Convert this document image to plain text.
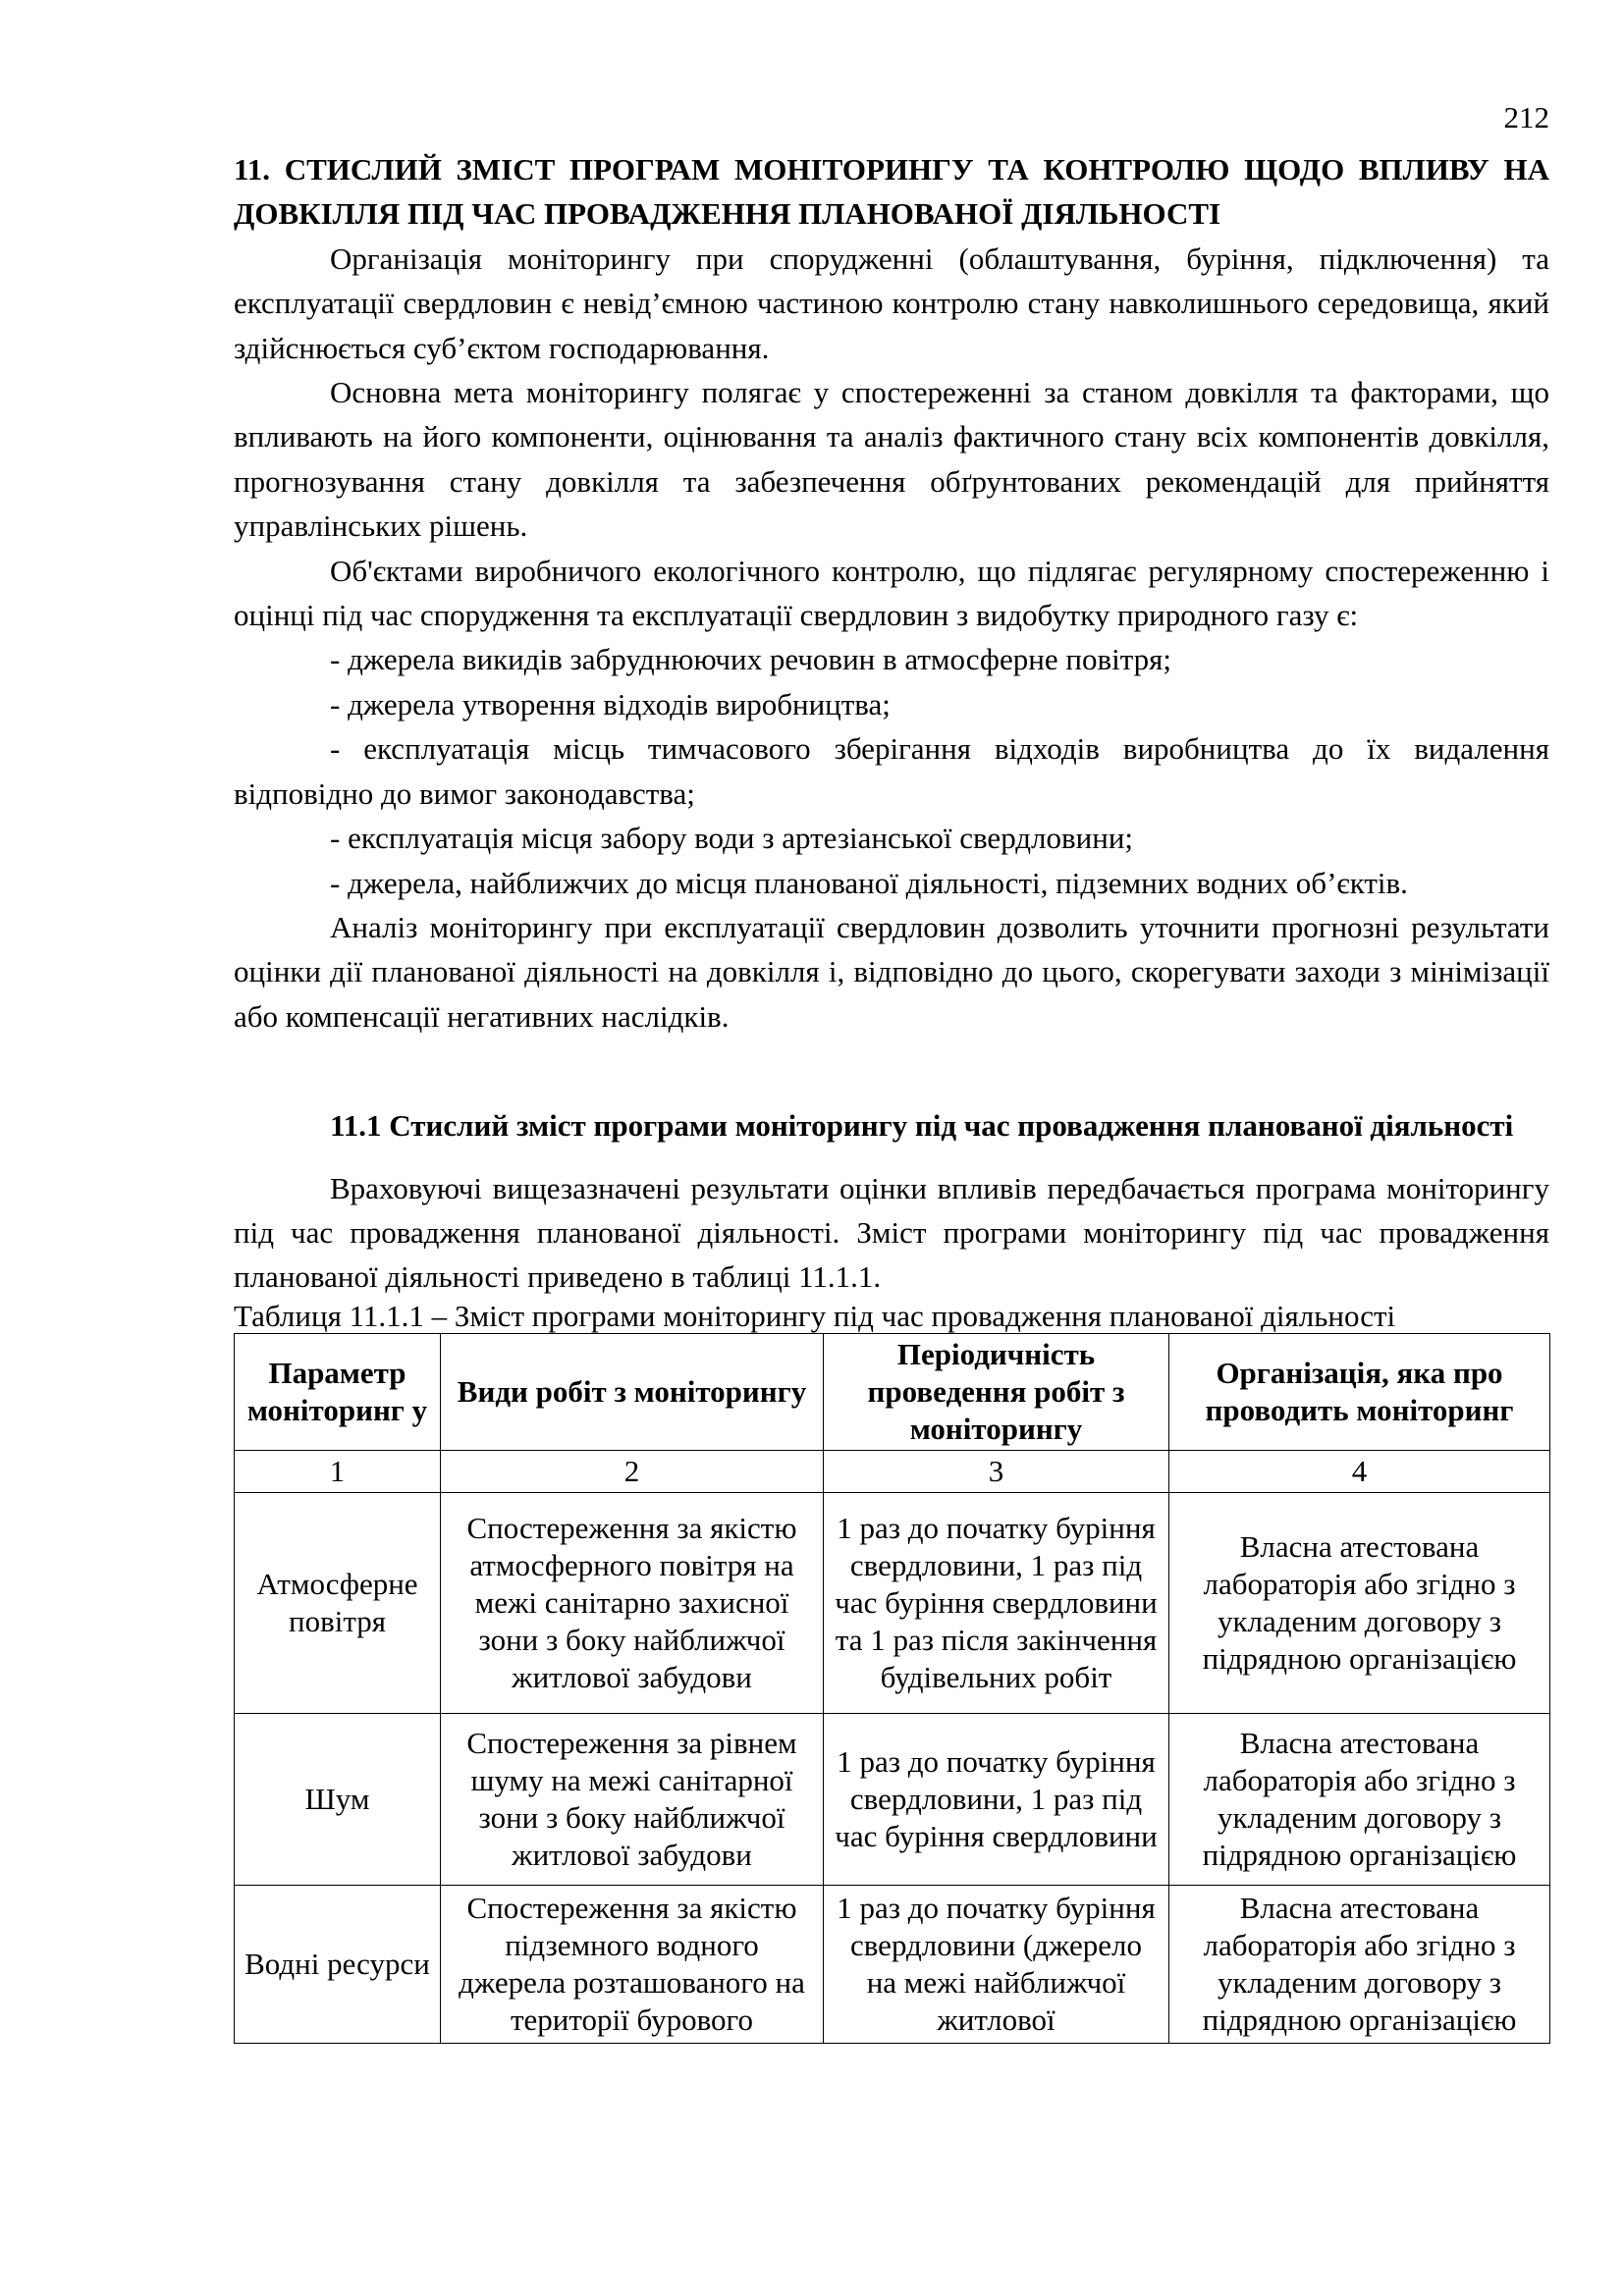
212

11. СТИСЛИЙ ЗМІСТ ПРОГРАМ МОНІТОРИНГУ ТА КОНТРОЛЮ ЩОДО ВПЛИВУ НА ДОВКІЛЛЯ ПІД ЧАС ПРОВАДЖЕННЯ ПЛАНОВАНОЇ ДІЯЛЬНОСТІ

Організація моніторингу при спорудженні (облаштування, буріння, підключення) та експлуатації свердловин є невід’ємною частиною контролю стану навколишнього середовища, який здійснюється суб’єктом господарювання.

Основна мета моніторингу полягає у спостереженні за станом довкілля та факторами, що впливають на його компоненти, оцінювання та аналіз фактичного стану всіх компонентів довкілля, прогнозування стану довкілля та забезпечення обґрунтованих рекомендацій для прийняття управлінських рішень.

Об'єктами виробничого екологічного контролю, що підлягає регулярному спостереженню і оцінці під час спорудження та експлуатації свердловин з видобутку природного газу є:

- джерела викидів забруднюючих речовин в атмосферне повітря;

- джерела утворення відходів виробництва;

- експлуатація місць тимчасового зберігання відходів виробництва до їх видалення відповідно до вимог законодавства;

- експлуатація місця забору води з артезіанської свердловини;

- джерела, найближчих до місця планованої діяльності, підземних водних об’єктів.

Аналіз моніторингу при експлуатації свердловин дозволить уточнити прогнозні результати оцінки дії планованої діяльності на довкілля і, відповідно до цього, скорегувати заходи з мінімізації або компенсації негативних наслідків.

11.1 Стислий зміст програми моніторингу під час провадження планованої діяльності

Враховуючі вищезазначені результати оцінки впливів передбачається програма моніторингу під час провадження планованої діяльності. Зміст програми моніторингу під час провадження планованої діяльності приведено в таблиці 11.1.1.

Таблиця 11.1.1 – Зміст програми моніторингу під час провадження планованої діяльності

Параметр моніторинг у	Види робіт з моніторингу	Періодичність проведення робіт з моніторингу	Організація, яка про проводить моніторинг
1	2	3	4
Атмосферне повітря	Спостереження за якістю атмосферного повітря на межі санітарно захисної зони з боку найближчої житлової забудови	1 раз до початку буріння свердловини, 1 раз під час буріння свердловини та 1 раз після закінчення будівельних робіт	Власна атестована лабораторія або згідно з укладеним договору з підрядною організацією
Шум	Спостереження за рівнем шуму на межі санітарної зони з боку найближчої житлової забудови	1 раз до початку буріння свердловини, 1 раз під час буріння свердловини	Власна атестована лабораторія або згідно з укладеним договору з підрядною організацією
Водні ресурси	Спостереження за якістю підземного водного джерела розташованого на території бурового	1 раз до початку буріння свердловини (джерело на межі найближчої житлової	Власна атестована лабораторія або згідно з укладеним договору з підрядною організацією
